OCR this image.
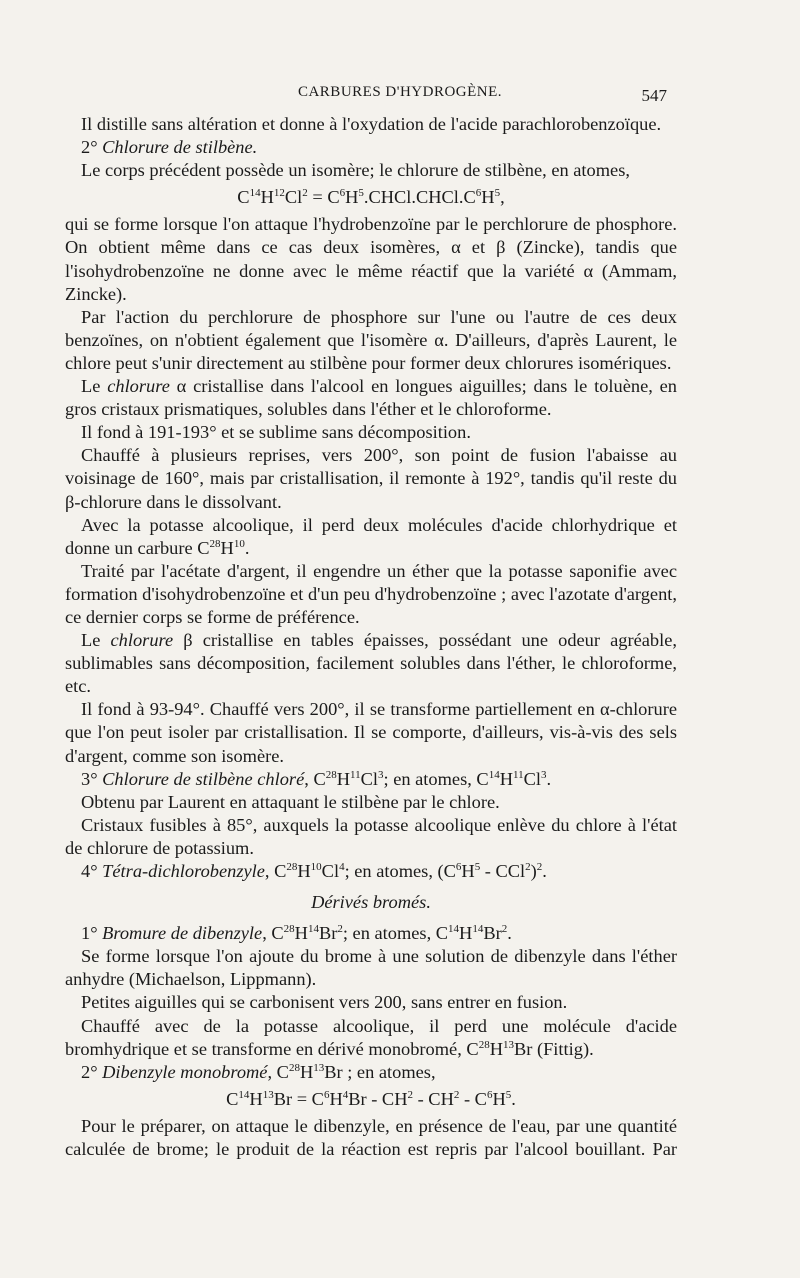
CARBURES D'HYDROGÈNE.	547

Il distille sans altération et donne à l'oxydation de l'acide parachlorobenzoïque.

2° Chlorure de stilbène.

Le corps précédent possède un isomère; le chlorure de stilbène, en atomes,

$C^{14}H^{12}Cl^2$ = $C^6H^5.CHCl.CHCl.C^6H^5$,

qui se forme lorsque l'on attaque l'hydrobenzoïne par le perchlorure de phosphore. On obtient même dans ce cas deux isomères, α et β (Zincke), tandis que l'isohydrobenzoïne ne donne avec le même réactif que la variété α (Ammam, Zincke).

Par l'action du perchlorure de phosphore sur l'une ou l'autre de ces deux benzoïnes, on n'obtient également que l'isomère α. D'ailleurs, d'après Laurent, le chlore peut s'unir directement au stilbène pour former deux chlorures isomériques.

Le chlorure α cristallise dans l'alcool en longues aiguilles; dans le toluène, en gros cristaux prismatiques, solubles dans l'éther et le chloroforme.

Il fond à 191-193° et se sublime sans décomposition.

Chauffé à plusieurs reprises, vers 200°, son point de fusion l'abaisse au voisinage de 160°, mais par cristallisation, il remonte à 192°, tandis qu'il reste du β-chlorure dans le dissolvant.

Avec la potasse alcoolique, il perd deux molécules d'acide chlorhydrique et donne un carbure $C^{28}H^{10}$.

Traité par l'acétate d'argent, il engendre un éther que la potasse saponifie avec formation d'isohydrobenzoïne et d'un peu d'hydrobenzoïne ; avec l'azotate d'argent, ce dernier corps se forme de préférence.

Le chlorure β cristallise en tables épaisses, possédant une odeur agréable, sublimables sans décomposition, facilement solubles dans l'éther, le chloroforme, etc.

Il fond à 93-94°. Chauffé vers 200°, il se transforme partiellement en α-chlorure que l'on peut isoler par cristallisation. Il se comporte, d'ailleurs, vis-à-vis des sels d'argent, comme son isomère.

3° Chlorure de stilbène chloré, $C^{28}H^{11}Cl^3$; en atomes, $C^{14}H^{11}Cl^3$.

Obtenu par Laurent en attaquant le stilbène par le chlore.

Cristaux fusibles à 85°, auxquels la potasse alcoolique enlève du chlore à l'état de chlorure de potassium.

4° Tétra-dichlorobenzyle, $C^{28}H^{10}Cl^4$; en atomes, $(C^6H^5 - CCl^2)^2$.

Dérivés bromés.

1° Bromure de dibenzyle, $C^{28}H^{14}Br^2$; en atomes, $C^{14}H^{14}Br^2$.

Se forme lorsque l'on ajoute du brome à une solution de dibenzyle dans l'éther anhydre (Michaelson, Lippmann).

Petites aiguilles qui se carbonisent vers 200, sans entrer en fusion.

Chauffé avec de la potasse alcoolique, il perd une molécule d'acide bromhydrique et se transforme en dérivé monobromé, $C^{28}H^{13}Br$ (Fittig).

2° Dibenzyle monobromé, $C^{28}H^{13}Br$ ; en atomes,

$C^{14}H^{13}Br = C^6H^4Br - CH^2 - CH^2 - C^6H^5$.

Pour le préparer, on attaque le dibenzyle, en présence de l'eau, par une quantité calculée de brome; le produit de la réaction est repris par l'alcool bouillant. Par
